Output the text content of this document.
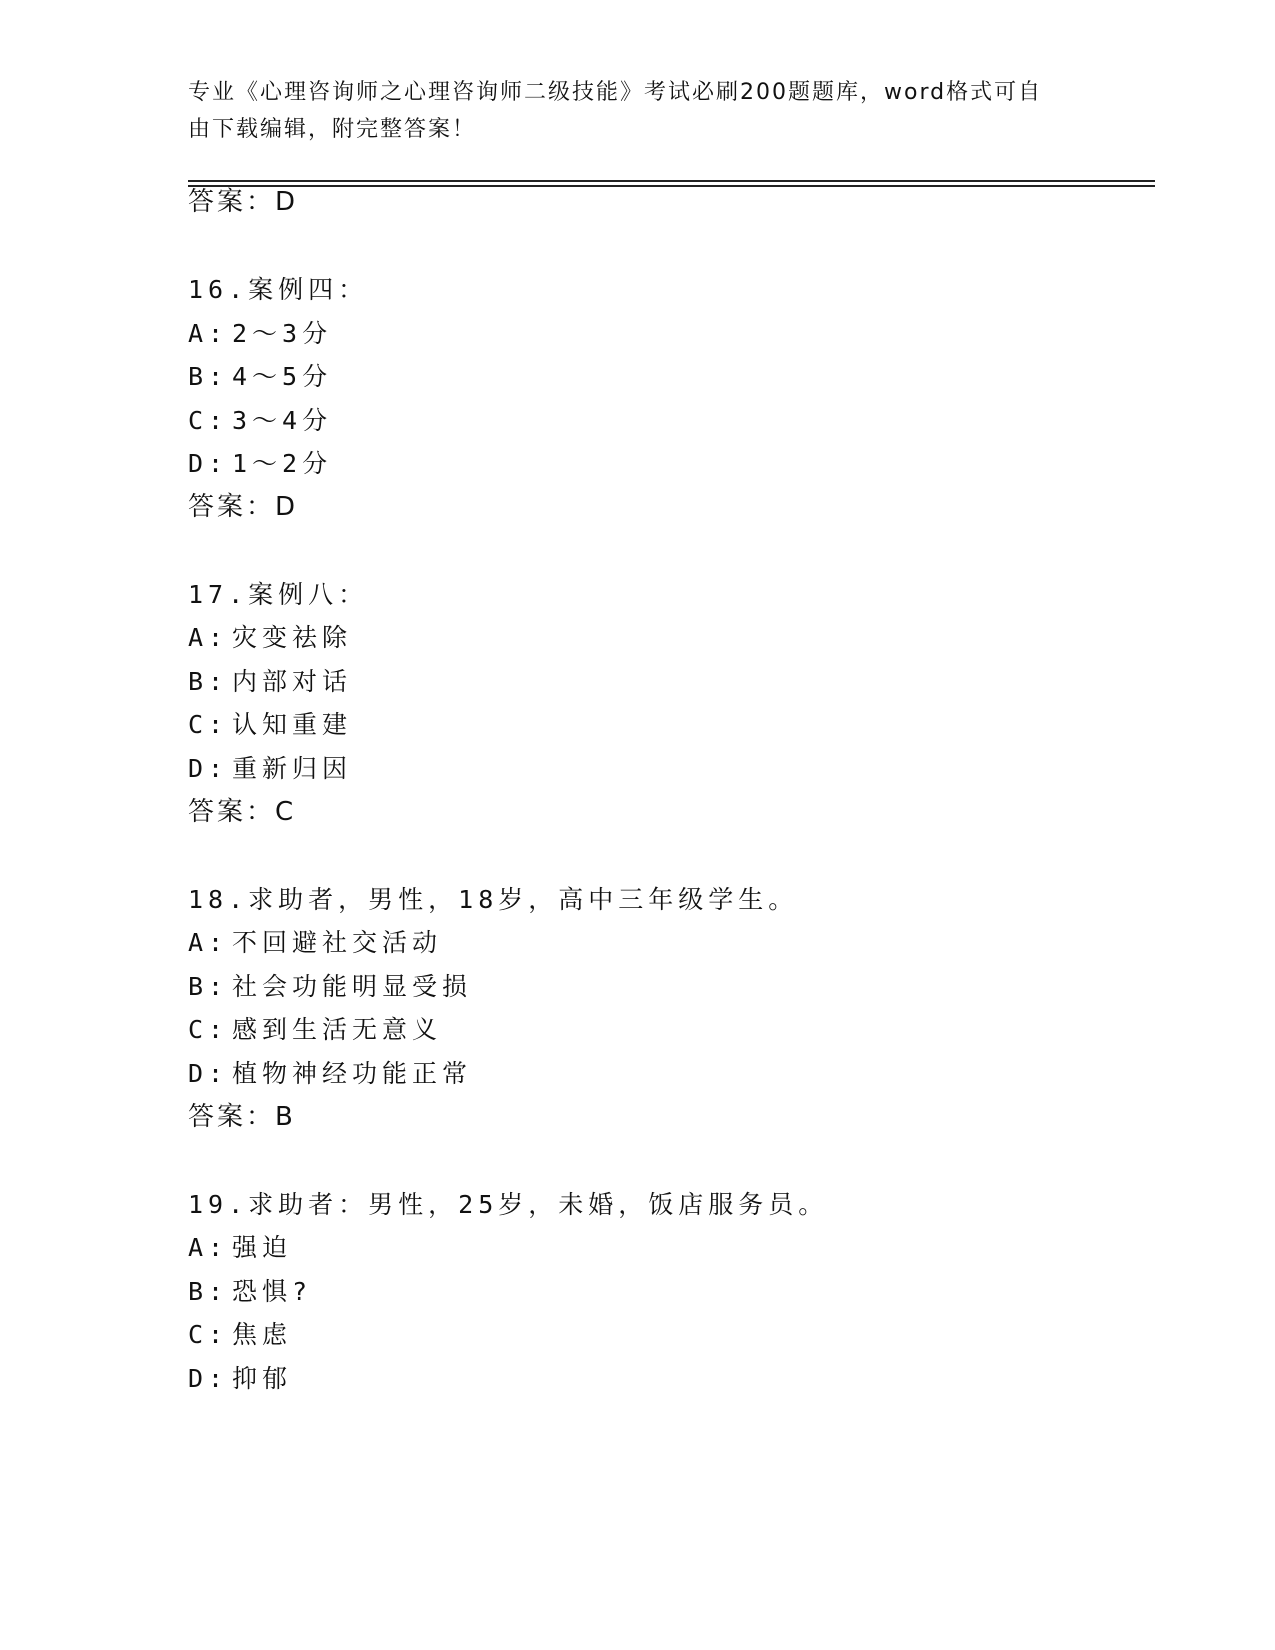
专业《心理咨询师之心理咨询师二级技能》考试必刷200题题库，word格式可自
由下载编辑，附完整答案！
答案：D
16.案例四：
A: 2～3分
B: 4～5分
C: 3～4分
D: 1～2分
答案：D
17.案例八：
A: 灾变祛除
B: 内部对话
C: 认知重建
D: 重新归因
答案：C
18.求助者，男性，18岁，高中三年级学生。
A: 不回避社交活动
B: 社会功能明显受损
C: 感到生活无意义
D: 植物神经功能正常
答案：B
19.求助者：男性，25岁，未婚，饭店服务员。
A: 强迫
B: 恐惧?
C: 焦虑
D: 抑郁
